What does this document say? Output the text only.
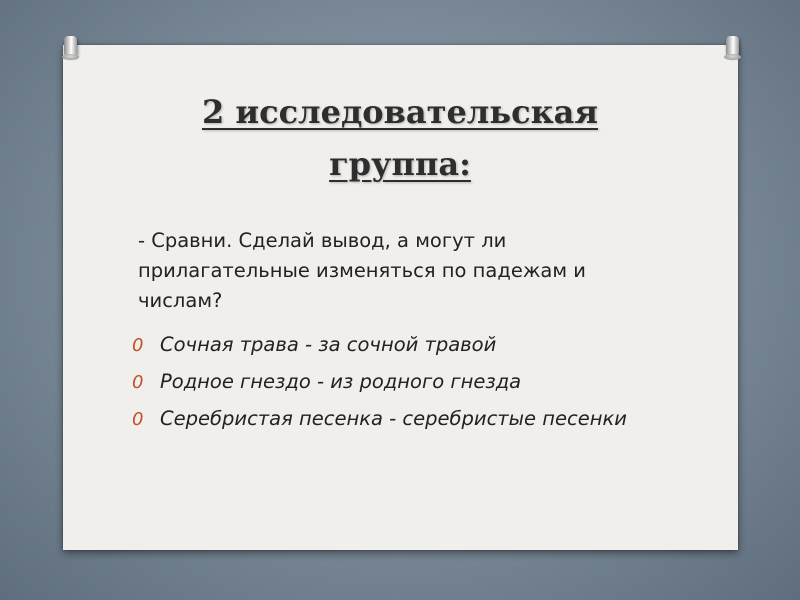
2 исследовательская
группа:

- Сравни. Сделай вывод, а могут ли прилагательные изменяться по падежам и числам?

0 Сочная трава - за сочной травой
0 Родное гнездо - из родного гнезда
0 Серебристая песенка - серебристые песенки
